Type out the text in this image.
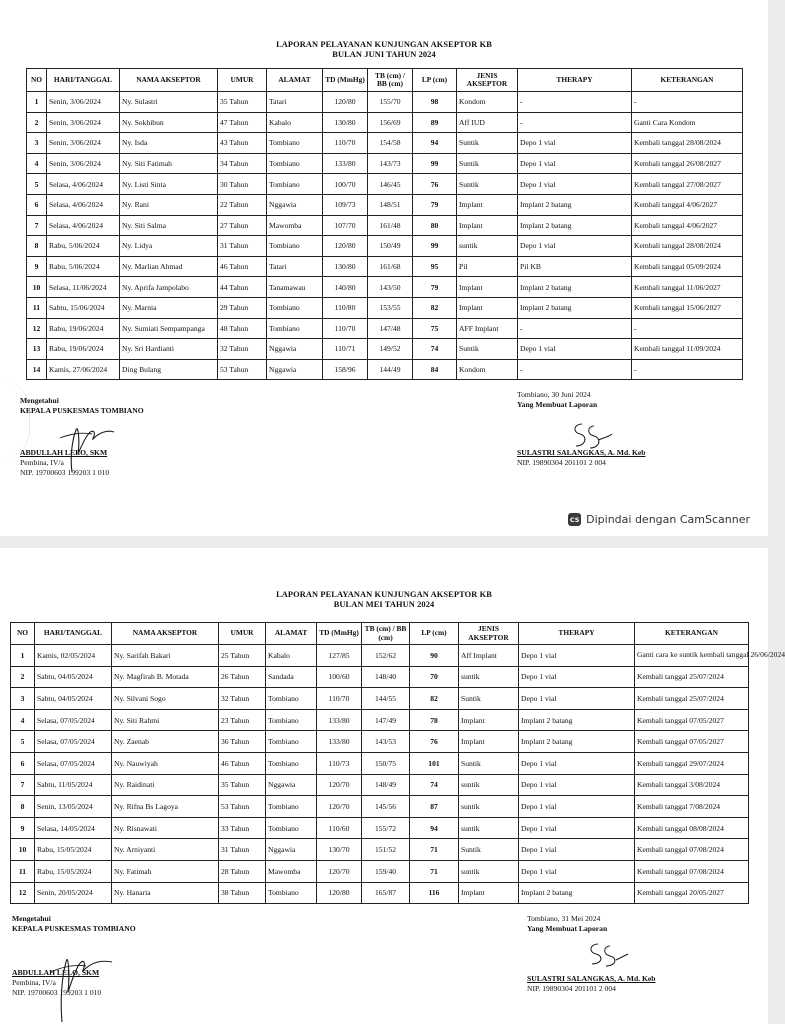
LAPORAN PELAYANAN KUNJUNGAN AKSEPTOR KB
BULAN JUNI TAHUN 2024
NO	HARI/TANGGAL	NAMA AKSEPTOR	UMUR	ALAMAT	TD (MmHg)	TB (cm) / BB (cm)	LP (cm)	JENIS AKSEPTOR	THERAPY	KETERANGAN
1	Senin, 3/06/2024	Ny. Sulastri	35 Tahun	Tatari	120/80	155/70	98	Kondom	-	-
2	Senin, 3/06/2024	Ny. Sokhibun	47 Tahun	Kabalo	130/80	156/69	89	Aff IUD	-	Ganti Cara Kondom
3	Senin, 3/06/2024	Ny. Isda	43 Tahun	Tombiano	110/70	154/58	94	Suntik	Depo 1 vial	Kembali tanggal 28/08/2024
4	Senin, 3/06/2024	Ny. Siti Fatimah	34 Tahun	Tombiano	133/80	143/73	99	Suntik	Depo 1 vial	Kembali tanggal 26/08/2027
5	Selasa, 4/06/2024	Ny. Listi Sinta	30 Tahun	Tombiano	100/70	146/45	76	Suntik	Depo 1 vial	Kembali tanggal 27/08/2027
6	Selasa, 4/06/2024	Ny. Rani	22 Tahun	Nggawia	109/73	148/51	79	Implant	Implant 2 batang	Kembali tanggal 4/06/2027
7	Selasa, 4/06/2024	Ny. Siti Salma	27 Tahun	Mawomba	107/70	161/48	80	Implant	Implant 2 batang	Kembali tanggal 4/06/2027
8	Rabu, 5/06/2024	Ny. Lidya	31 Tahun	Tombiano	120/80	150/49	99	suntik	Depo 1 vial	Kembali tanggal 28/08/2024
9	Rabu, 5/06/2024	Ny. Marlian Ahmad	46 Tahun	Tatari	130/80	161/68	95	Pil	Pil KB	Kembali tanggal 05/09/2024
10	Selasa, 11/06/2024	Ny. Aprifa Jampolabo	44 Tahun	Tanamawau	140/80	143/50	79	Implant	Implant 2 batang	Kembali tanggal 11/06/2027
11	Sabtu, 15/06/2024	Ny. Marnia	29 Tahun	Tombiano	110/80	153/55	82	Implant	Implant 2 batang	Kembali tanggal 15/06/2027
12	Rabu, 19/06/2024	Ny. Sumiati Sempampanga	48 Tahun	Tombiano	110/70	147/48	75	AFF Implant	-	-
13	Rabu, 19/06/2024	Ny. Sri Hardianti	32 Tahun	Nggawia	110/71	149/52	74	Suntik	Depo 1 vial	Kembali tanggal 11/09/2024
14	Kamis, 27/06/2024	Ding Bulang	53 Tahun	Nggawia	158/96	144/49	84	Kondom	-	-
Mengetahui
KEPALA PUSKESMAS TOMBIANO
ABDULLAH LELO, SKM
Pembina, IV/a
NIP. 19700603 199203 1 010
Tombiano, 30 Juni 2024
Yang Membuat Laporan
SULASTRI SALANGKAS, A. Md. Keb
NIP. 19890304 201101 2 004
CS Dipindai dengan CamScanner
LAPORAN PELAYANAN KUNJUNGAN AKSEPTOR KB
BULAN MEI TAHUN 2024
NO	HARI/TANGGAL	NAMA AKSEPTOR	UMUR	ALAMAT	TD (MmHg)	TB (cm) / BB (cm)	LP (cm)	JENIS AKSEPTOR	THERAPY	KETERANGAN
1	Kamis, 02/05/2024	Ny. Sarifah Bakari	25 Tahun	Kabalo	127/85	152/62	90	Aff Implant	Depo 1 vial	Ganti cara ke suntik kembali tanggal 26/06/2024
2	Sabtu, 04/05/2024	Ny. Magfirah B. Motada	26 Tahun	Sandada	100/60	148/40	70	suntik	Depo 1 vial	Kembali tanggal 25/07/2024
3	Sabtu, 04/05/2024	Ny. Silvani Sogo	32 Tahun	Tombiano	110/70	144/55	82	Suntik	Depo 1 vial	Kembali tanggal 25/07/2024
4	Selasa, 07/05/2024	Ny. Siti Rahmi	23 Tahun	Tombiano	133/80	147/49	78	Implant	Implant 2 batang	Kembali tanggal 07/05/2027
5	Selasa, 07/05/2024	Ny. Zaenab	36 Tahun	Tombiano	133/80	143/53	76	Implant	Implant 2 batang	Kembali tanggal 07/05/2027
6	Selasa, 07/05/2024	Ny. Nauwiyah	46 Tahun	Tombiano	110/73	150/75	101	Suntik	Depo 1 vial	Kembali tanggal 29/07/2024
7	Sabtu, 11/05/2024	Ny. Raidinati	35 Tahun	Nggawia	120/70	148/49	74	suntik	Depo 1 vial	Kembali tanggal 3/08/2024
8	Senin, 13/05/2024	Ny. Rifna Bs Lagoya	53 Tahun	Tombiano	120/70	145/56	87	suntik	Depo 1 vial	Kembali tanggal 7/08/2024
9	Selasa, 14/05/2024	Ny. Risnawati	33 Tahun	Tombiano	110/60	155/72	94	suntik	Depo 1 vial	Kembali tanggal 08/08/2024
10	Rabu, 15/05/2024	Ny. Arniyanti	31 Tahun	Nggawia	130/70	151/52	71	Suntik	Depo 1 vial	Kembali tanggal 07/08/2024
11	Rabu, 15/05/2024	Ny. Fatimah	28 Tahun	Mawomba	120/70	159/40	71	suntik	Depo 1 vial	Kembali tanggal 07/08/2024
12	Senin, 20/05/2024	Ny. Hanaria	38 Tahun	Tombiano	120/80	165/87	116	Implant	Implant 2 batang	Kembali tanggal 20/05/2027
Mengetahui
KEPALA PUSKESMAS TOMBIANO
ABDULLAH LELO, SKM
Pembina, IV/a
NIP. 19700603 199203 1 010
Tombiano, 31 Mei 2024
Yang Membuat Laporan
SULASTRI SALANGKAS, A. Md. Keb
NIP. 19890304 201101 2 004
